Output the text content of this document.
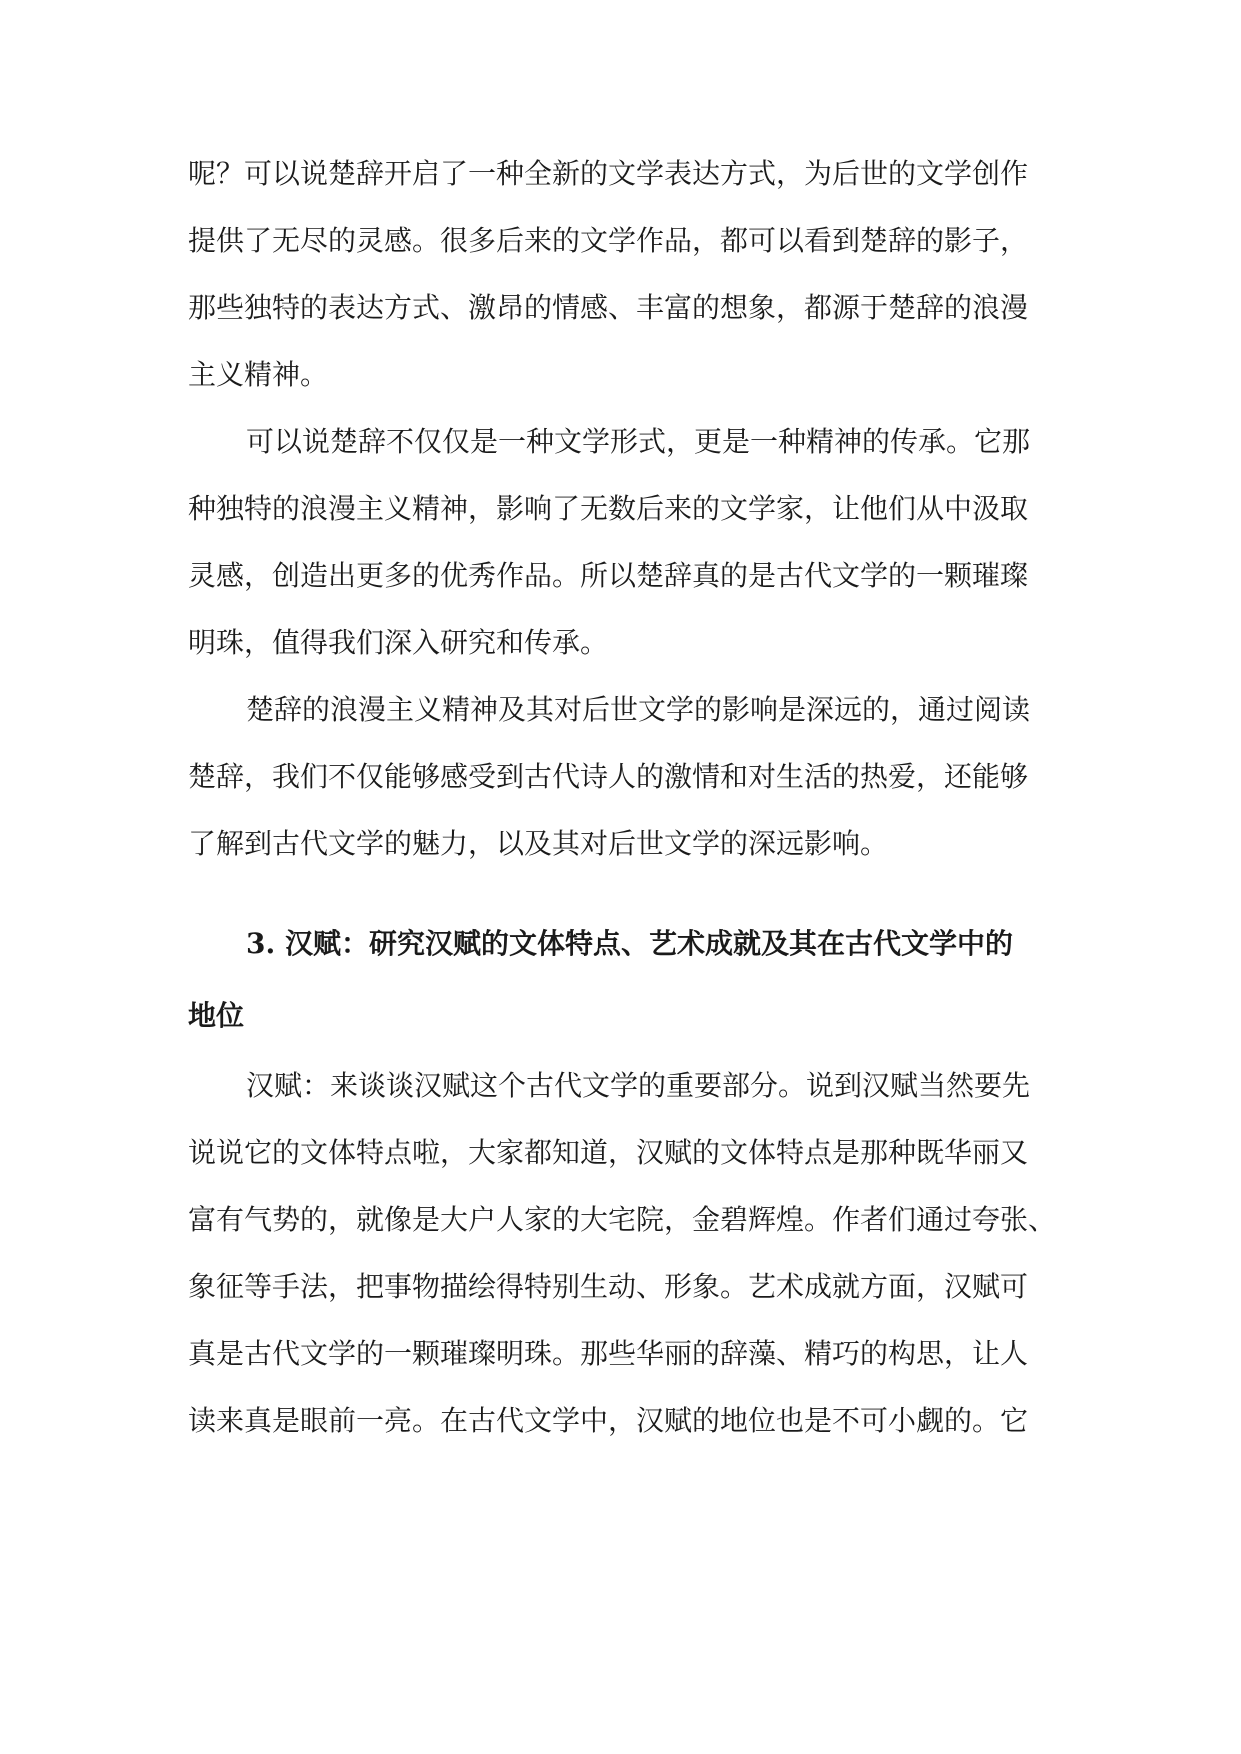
呢？可以说楚辞开启了一种全新的文学表达方式，为后世的文学创作
提供了无尽的灵感。很多后来的文学作品，都可以看到楚辞的影子，
那些独特的表达方式、激昂的情感、丰富的想象，都源于楚辞的浪漫
主义精神。
可以说楚辞不仅仅是一种文学形式，更是一种精神的传承。它那
种独特的浪漫主义精神，影响了无数后来的文学家，让他们从中汲取
灵感，创造出更多的优秀作品。所以楚辞真的是古代文学的一颗璀璨
明珠，值得我们深入研究和传承。
楚辞的浪漫主义精神及其对后世文学的影响是深远的，通过阅读
楚辞，我们不仅能够感受到古代诗人的激情和对生活的热爱，还能够
了解到古代文学的魅力，以及其对后世文学的深远影响。
3. 汉赋：研究汉赋的文体特点、艺术成就及其在古代文学中的
地位
汉赋：来谈谈汉赋这个古代文学的重要部分。说到汉赋当然要先
说说它的文体特点啦，大家都知道，汉赋的文体特点是那种既华丽又
富有气势的，就像是大户人家的大宅院，金碧辉煌。作者们通过夸张、
象征等手法，把事物描绘得特别生动、形象。艺术成就方面，汉赋可
真是古代文学的一颗璀璨明珠。那些华丽的辞藻、精巧的构思，让人
读来真是眼前一亮。在古代文学中，汉赋的地位也是不可小觑的。它
